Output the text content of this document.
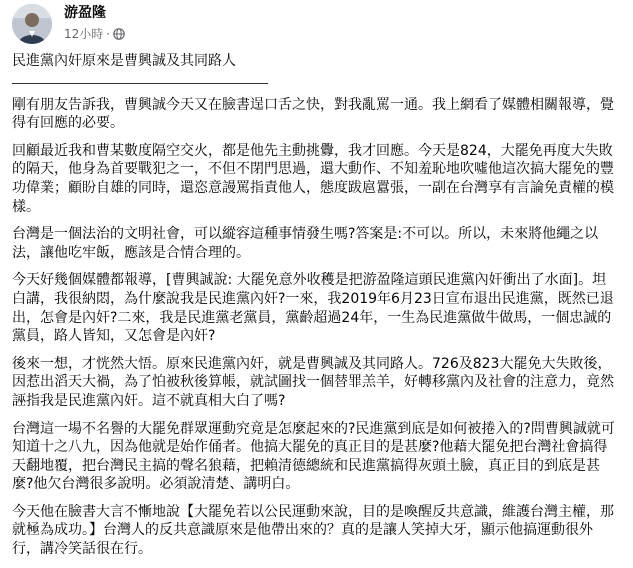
游盈隆
12小時 ·
民進黨內奸原來是曹興誠及其同路人

剛有朋友告訴我，曹興誠今天又在臉書逞口舌之快，對我亂罵一通。我上網看了媒體相關報導，覺得有回應的必要。

回顧最近我和曹某數度隔空交火，都是他先主動挑釁，我才回應。今天是824，大罷免再度大失敗的隔天，他身為首要戰犯之一，不但不閉門思過，還大動作、不知羞恥地吹噓他這次搞大罷免的豐功偉業；顧盼自雄的同時，還恣意謾罵指責他人，態度跋扈囂張，一副在台灣享有言論免責權的模樣。

台灣是一個法治的文明社會，可以縱容這種事情發生嗎?答案是:不可以。所以，未來將他繩之以法，讓他吃牢飯，應該是合情合理的。

今天好幾個媒體都報導，[曹興誠說: 大罷免意外收穫是把游盈隆這頭民進黨內奸衝出了水面]。坦白講，我很納悶，為什麼說我是民進黨內奸?一來，我2019年6月23日宣布退出民進黨，既然已退出，怎會是內奸?二來，我是民進黨老黨員，黨齡超過24年，一生為民進黨做牛做馬，一個忠誠的黨員，路人皆知，又怎會是內奸?

後來一想，才恍然大悟。原來民進黨內奸，就是曹興誠及其同路人。726及823大罷免大失敗後，因惹出滔天大禍，為了怕被秋後算帳，就試圖找一個替罪羔羊，好轉移黨內及社會的注意力，竟然誣指我是民進黨內奸。這不就真相大白了嗎?

台灣這一場不名譽的大罷免群眾運動究竟是怎麼起來的?民進黨到底是如何被捲入的?問曹興誠就可知道十之八九，因為他就是始作俑者。他搞大罷免的真正目的是甚麼?他藉大罷免把台灣社會搞得天翻地覆，把台灣民主搞的聲名狼藉，把賴清德總統和民進黨搞得灰頭土臉，真正目的到底是甚麼?他欠台灣很多說明。必須說清楚、講明白。

今天他在臉書大言不慚地說【大罷免若以公民運動來說，目的是喚醒反共意識，維護台灣主權，那就極為成功。】台灣人的反共意識原來是他帶出來的？真的是讓人笑掉大牙，顯示他搞運動很外行，講冷笑話很在行。
